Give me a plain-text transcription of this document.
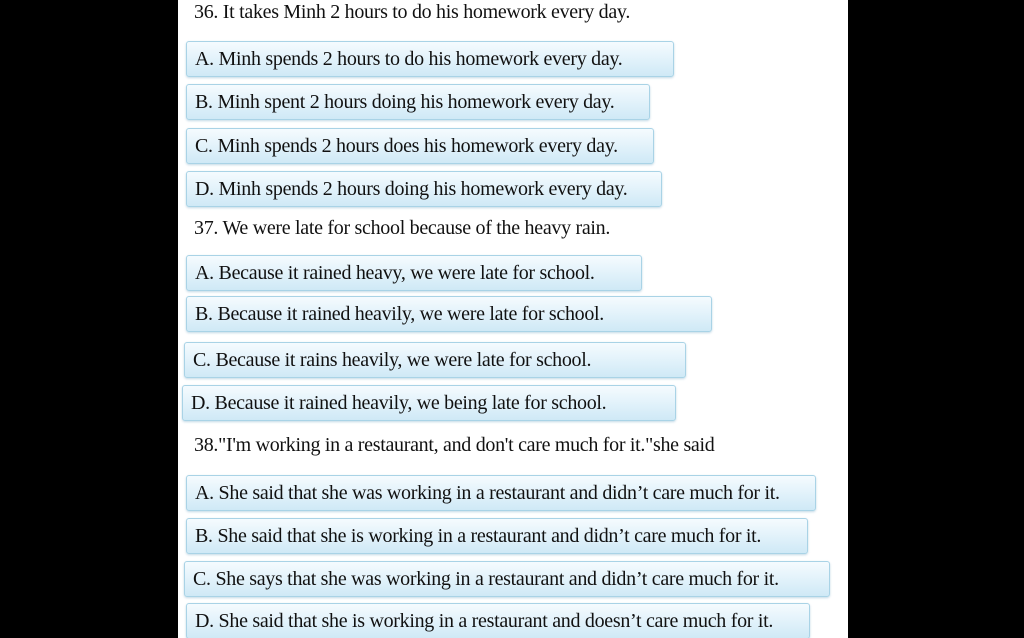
36. It takes Minh 2 hours to do his homework every day.
A. Minh spends 2 hours to do his homework every day.
B. Minh spent 2 hours doing his homework every day.
C. Minh spends 2 hours does his homework every day.
D. Minh spends 2 hours doing his homework every day.
37. We were late for school because of the heavy rain.
A. Because it rained heavy, we were late for school.
B. Because it rained heavily, we were late for school.
C. Because it rains heavily, we were late for school.
D. Because it rained heavily, we being late for school.
38."I'm working in a restaurant, and don't care much for it."she said
A. She said that she was working in a restaurant and didn’t care much for it.
B. She said that she is working in a restaurant and didn’t care much for it.
C. She says that she was working in a restaurant and didn’t care much for it.
D. She said that she is working in a restaurant and doesn’t care much for it.
